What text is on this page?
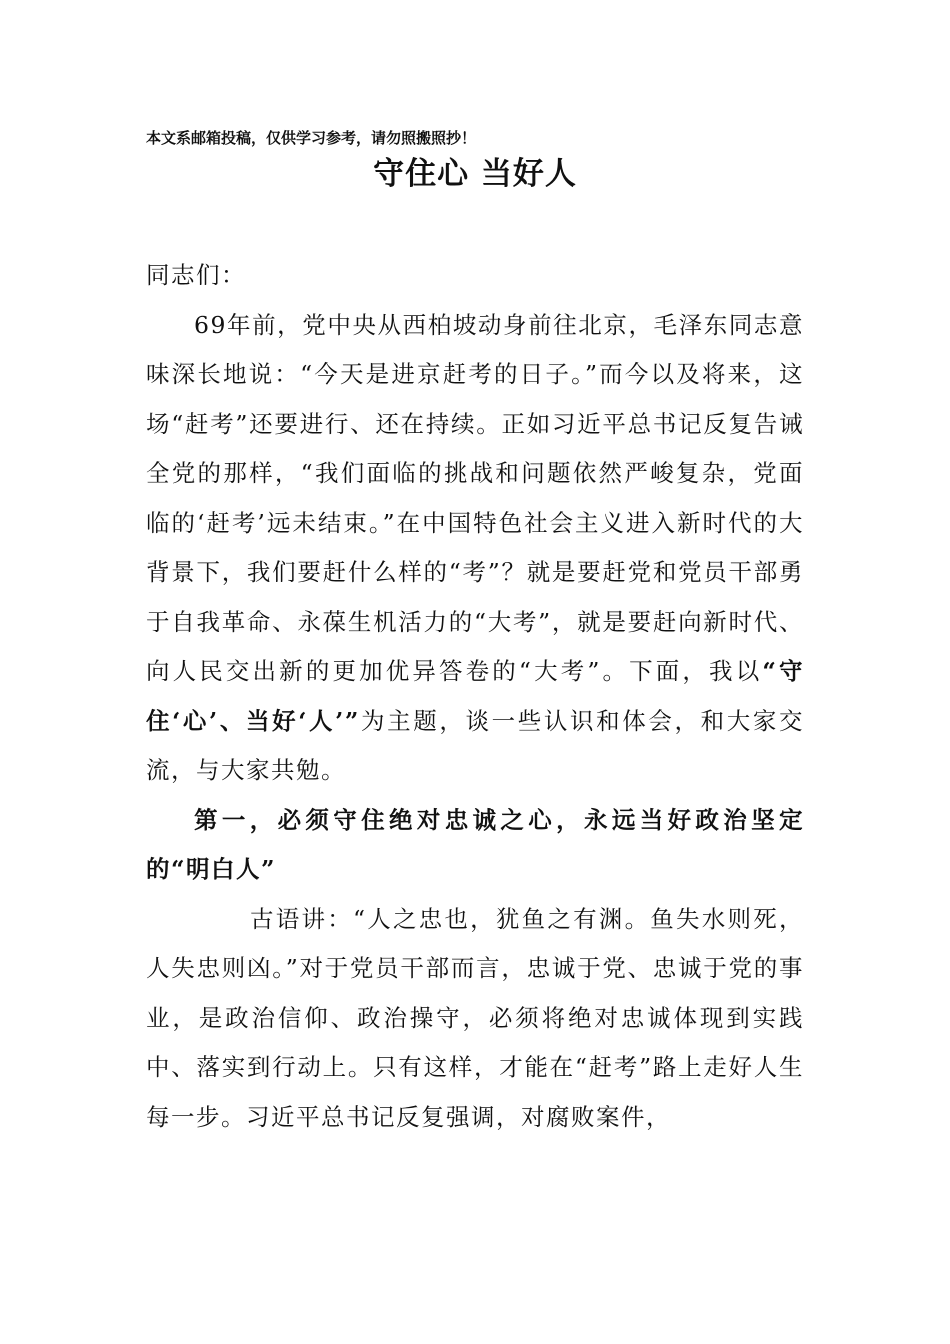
本文系邮箱投稿，仅供学习参考，请勿照搬照抄！
守住心 当好人

同志们：

69年前，党中央从西柏坡动身前往北京，毛泽东同志意味深长地说：“今天是进京赶考的日子。”而今以及将来，这场“赶考”还要进行、还在持续。正如习近平总书记反复告诫全党的那样，“我们面临的挑战和问题依然严峻复杂，党面临的‘赶考’远未结束。”在中国特色社会主义进入新时代的大背景下，我们要赶什么样的“考”？就是要赶党和党员干部勇于自我革命、永葆生机活力的“大考”，就是要赶向新时代、向人民交出新的更加优异答卷的“大考”。下面，我以“守住‘心’、当好‘人’”为主题，谈一些认识和体会，和大家交流，与大家共勉。

第一，必须守住绝对忠诚之心，永远当好政治坚定的“明白人”

古语讲：“人之忠也，犹鱼之有渊。鱼失水则死，人失忠则凶。”对于党员干部而言，忠诚于党、忠诚于党的事业，是政治信仰、政治操守，必须将绝对忠诚体现到实践中、落实到行动上。只有这样，才能在“赶考”路上走好人生每一步。习近平总书记反复强调，对腐败案件，
